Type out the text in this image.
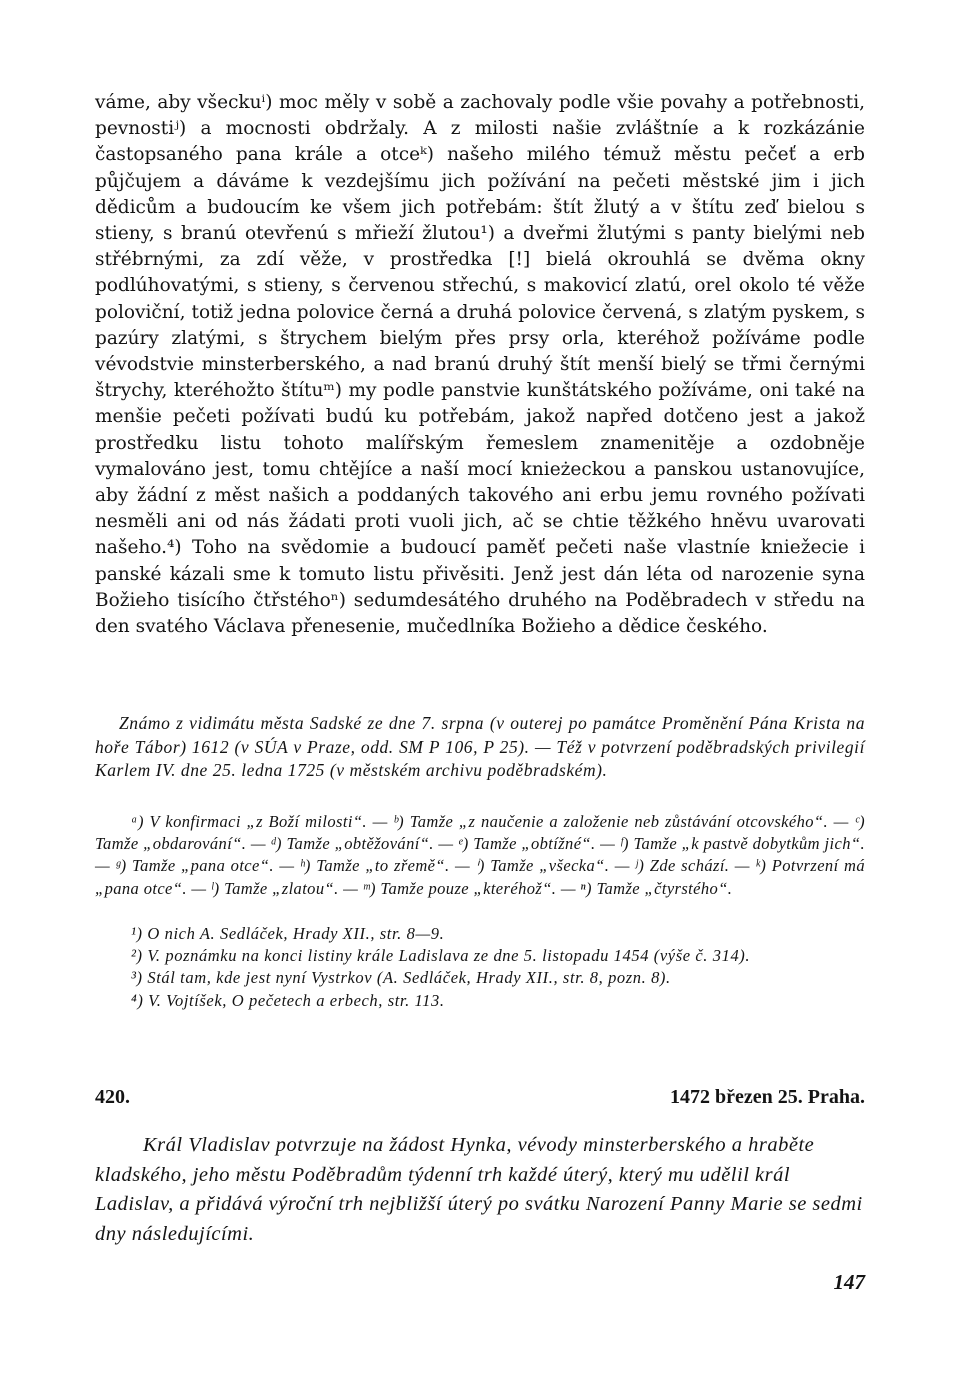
váme, aby všeckuⁱ) moc měly v sobě a zachovaly podle všie povahy a potřebnosti, pevnostiʲ) a mocnosti obdržaly. A z milosti našie zvláštníe a k rozkázánie častopsaného pana krále a otceᵏ) našeho milého témuž městu pečeť a erb půjčujem a dáváme k vezdejšímu jich požívání na pečeti městské jim i jich dědicům a budoucím ke všem jich potřebám: štít žlutý a v štítu zeď bielou s stieny, s branú otevřenú s mřieží žlutou¹) a dveřmi žlutými s panty bielými neb střébrnými, za zdí věže, v prostředka [!] bielá okrouhlá se dvěma okny podlúhovatými, s stieny, s červenou střechú, s makovicí zlatú, orel okolo té věže poloviční, totiž jedna polovice černá a druhá polovice červená, s zlatým pyskem, s pazúry zlatými, s štrychem bielým přes prsy orla, kteréhož požíváme podle vévodstvie minsterberského, a nad branú druhý štít menší bielý se třmi černými štrychy, kteréhožto štítuᵐ) my podle panstvie kunštátského požíváme, oni také na menšie pečeti požívati budú ku potřebám, jakož napřed dotčeno jest a jakož prostředku listu tohoto malířským řemeslem znamenitěje a ozdobněje vymalováno jest, tomu chtějíce a naší mocí knieżeckou a panskou ustanovujíce, aby žádní z měst našich a poddaných takového ani erbu jemu rovného požívati nesměli ani od nás žádati proti vuoli jich, ač se chtie těžkého hněvu uvarovati našeho.⁴) Toho na svědomie a budoucí paměť pečeti naše vlastníe kniežecie i panské kázali sme k tomuto listu přivěsiti. Jenž jest dán léta od narozenie syna Božieho tisícího čtřstéhoⁿ) sedumdesátého druhého na Poděbradech v středu na den svatého Václava přenesenie, mučedlníka Božieho a dědice českého.

Známo z vidimátu města Sadské ze dne 7. srpna (v outerej po památce Proměnění Pána Krista na hoře Tábor) 1612 (v SÚA v Praze, odd. SM P 106, P 25). — Též v potvrzení poděbradských privilegií Karlem IV. dne 25. ledna 1725 (v městském archivu poděbradském).

ᵃ) V konfirmaci „z Boží milosti“. — ᵇ) Tamže „z naučenie a založenie neb zůstávání otcovského“. — ᶜ) Tamže „obdarování“. — ᵈ) Tamže „obtěžování“. — ᵉ) Tamže „obtížné“. — ᶠ) Tamže „k pastvě dobytkům jich“. — ᵍ) Tamže „pana otce“. — ʰ) Tamže „to zřemě“. — ⁱ) Tamže „všecka“. — ʲ) Zde schází. — ᵏ) Potvrzení má „pana otce“. — ˡ) Tamže „zlatou“. — ᵐ) Tamže pouze „kteréhož“. — ⁿ) Tamže „čtyrstého“.

¹) O nich A. Sedláček, Hrady XII., str. 8—9.

²) V. poznámku na konci listiny krále Ladislava ze dne 5. listopadu 1454 (výše č. 314).

³) Stál tam, kde jest nyní Vystrkov (A. Sedláček, Hrady XII., str. 8, pozn. 8).

⁴) V. Vojtíšek, O pečetech a erbech, str. 113.

420.	1472 březen 25. Praha.

Král Vladislav potvrzuje na žádost Hynka, vévody minsterberského a hraběte kladského, jeho městu Poděbradům týdenní trh každé úterý, který mu udělil král Ladislav, a přidává výroční trh nejbližší úterý po svátku Narození Panny Marie se sedmi dny následujícími.

147
